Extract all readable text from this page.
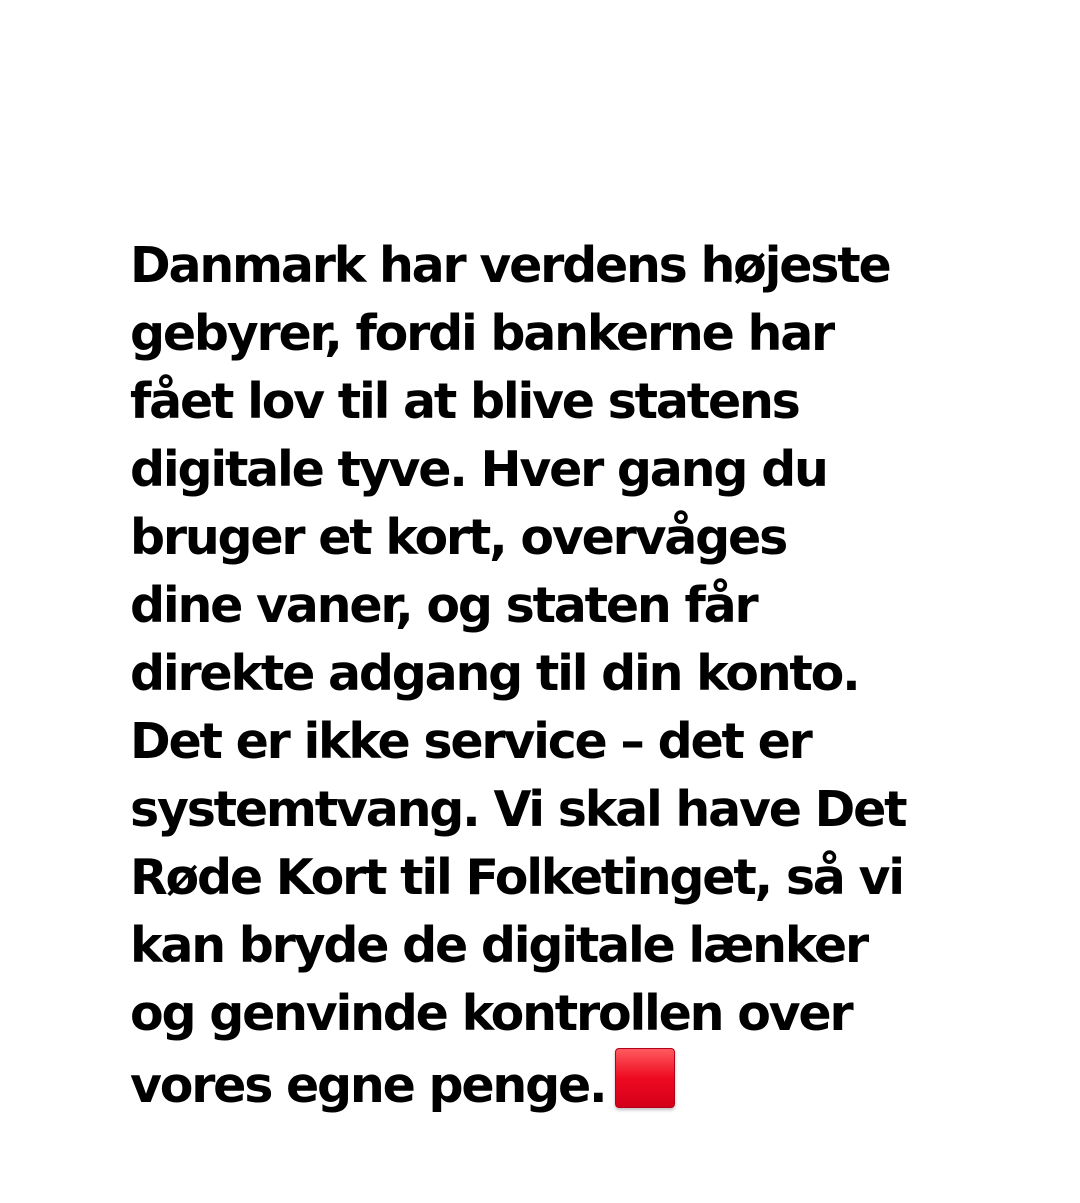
Danmark har verdens højeste
gebyrer, fordi bankerne har
fået lov til at blive statens
digitale tyve. Hver gang du
bruger et kort, overvåges
dine vaner, og staten får
direkte adgang til din konto.
Det er ikke service – det er
systemtvang. Vi skal have Det
Røde Kort til Folketinget, så vi
kan bryde de digitale lænker
og genvinde kontrollen over
vores egne penge.
